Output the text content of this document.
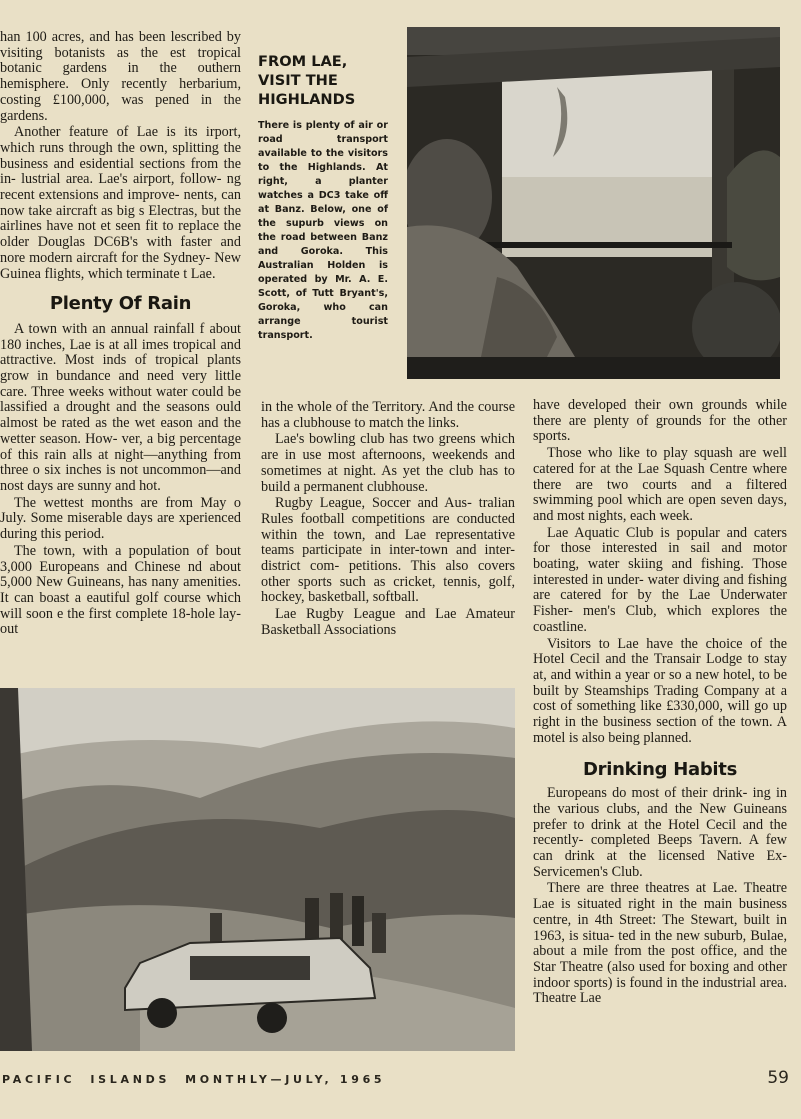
han 100 acres, and has been lescribed by visiting botanists as the est tropical botanic gardens in the outhern hemisphere. Only recently herbarium, costing £100,000, was pened in the gardens.

Another feature of Lae is its irport, which runs through the own, splitting the business and esidential sections from the in- lustrial area. Lae's airport, follow- ng recent extensions and improve- nents, can now take aircraft as big s Electras, but the airlines have not et seen fit to replace the older Douglas DC6B's with faster and nore modern aircraft for the Sydney- New Guinea flights, which terminate t Lae.

Plenty Of Rain

A town with an annual rainfall f about 180 inches, Lae is at all imes tropical and attractive. Most inds of tropical plants grow in bundance and need very little care. Three weeks without water could be lassified a drought and the seasons ould almost be rated as the wet eason and the wetter season. How- ver, a big percentage of this rain alls at night—anything from three o six inches is not uncommon—and nost days are sunny and hot.

The wettest months are from May o July. Some miserable days are xperienced during this period.

The town, with a population of bout 3,000 Europeans and Chinese nd about 5,000 New Guineans, has nany amenities. It can boast a eautiful golf course which will soon e the first complete 18-hole lay-out

FROM LAE, VISIT THE HIGHLANDS

There is plenty of air or road transport available to the visitors to the Highlands. At right, a planter watches a DC3 take off at Banz. Below, one of the supurb views on the road between Banz and Goroka. This Australian Holden is operated by Mr. A. E. Scott, of Tutt Bryant's, Goroka, who can arrange tourist transport.

in the whole of the Territory. And the course has a clubhouse to match the links.

Lae's bowling club has two greens which are in use most afternoons, weekends and sometimes at night. As yet the club has to build a permanent clubhouse.

Rugby League, Soccer and Aus- tralian Rules football competitions are conducted within the town, and Lae representative teams participate in inter-town and inter-district com- petitions. This also covers other sports such as cricket, tennis, golf, hockey, basketball, softball.

Lae Rugby League and Lae Amateur Basketball Associations

have developed their own grounds while there are plenty of grounds for the other sports.

Those who like to play squash are well catered for at the Lae Squash Centre where there are two courts and a filtered swimming pool which are open seven days, and most nights, each week.

Lae Aquatic Club is popular and caters for those interested in sail and motor boating, water skiing and fishing. Those interested in under- water diving and fishing are catered for by the Lae Underwater Fisher- men's Club, which explores the coastline.

Visitors to Lae have the choice of the Hotel Cecil and the Transair Lodge to stay at, and within a year or so a new hotel, to be built by Steamships Trading Company at a cost of something like £330,000, will go up right in the business section of the town. A motel is also being planned.

Drinking Habits

Europeans do most of their drink- ing in the various clubs, and the New Guineans prefer to drink at the Hotel Cecil and the recently- completed Beeps Tavern. A few can drink at the licensed Native Ex- Servicemen's Club.

There are three theatres at Lae. Theatre Lae is situated right in the main business centre, in 4th Street: The Stewart, built in 1963, is situa- ted in the new suburb, Bulae, about a mile from the post office, and the Star Theatre (also used for boxing and other indoor sports) is found in the industrial area. Theatre Lae

PACIFIC  ISLANDS  MONTHLY—JULY, 1965	59
